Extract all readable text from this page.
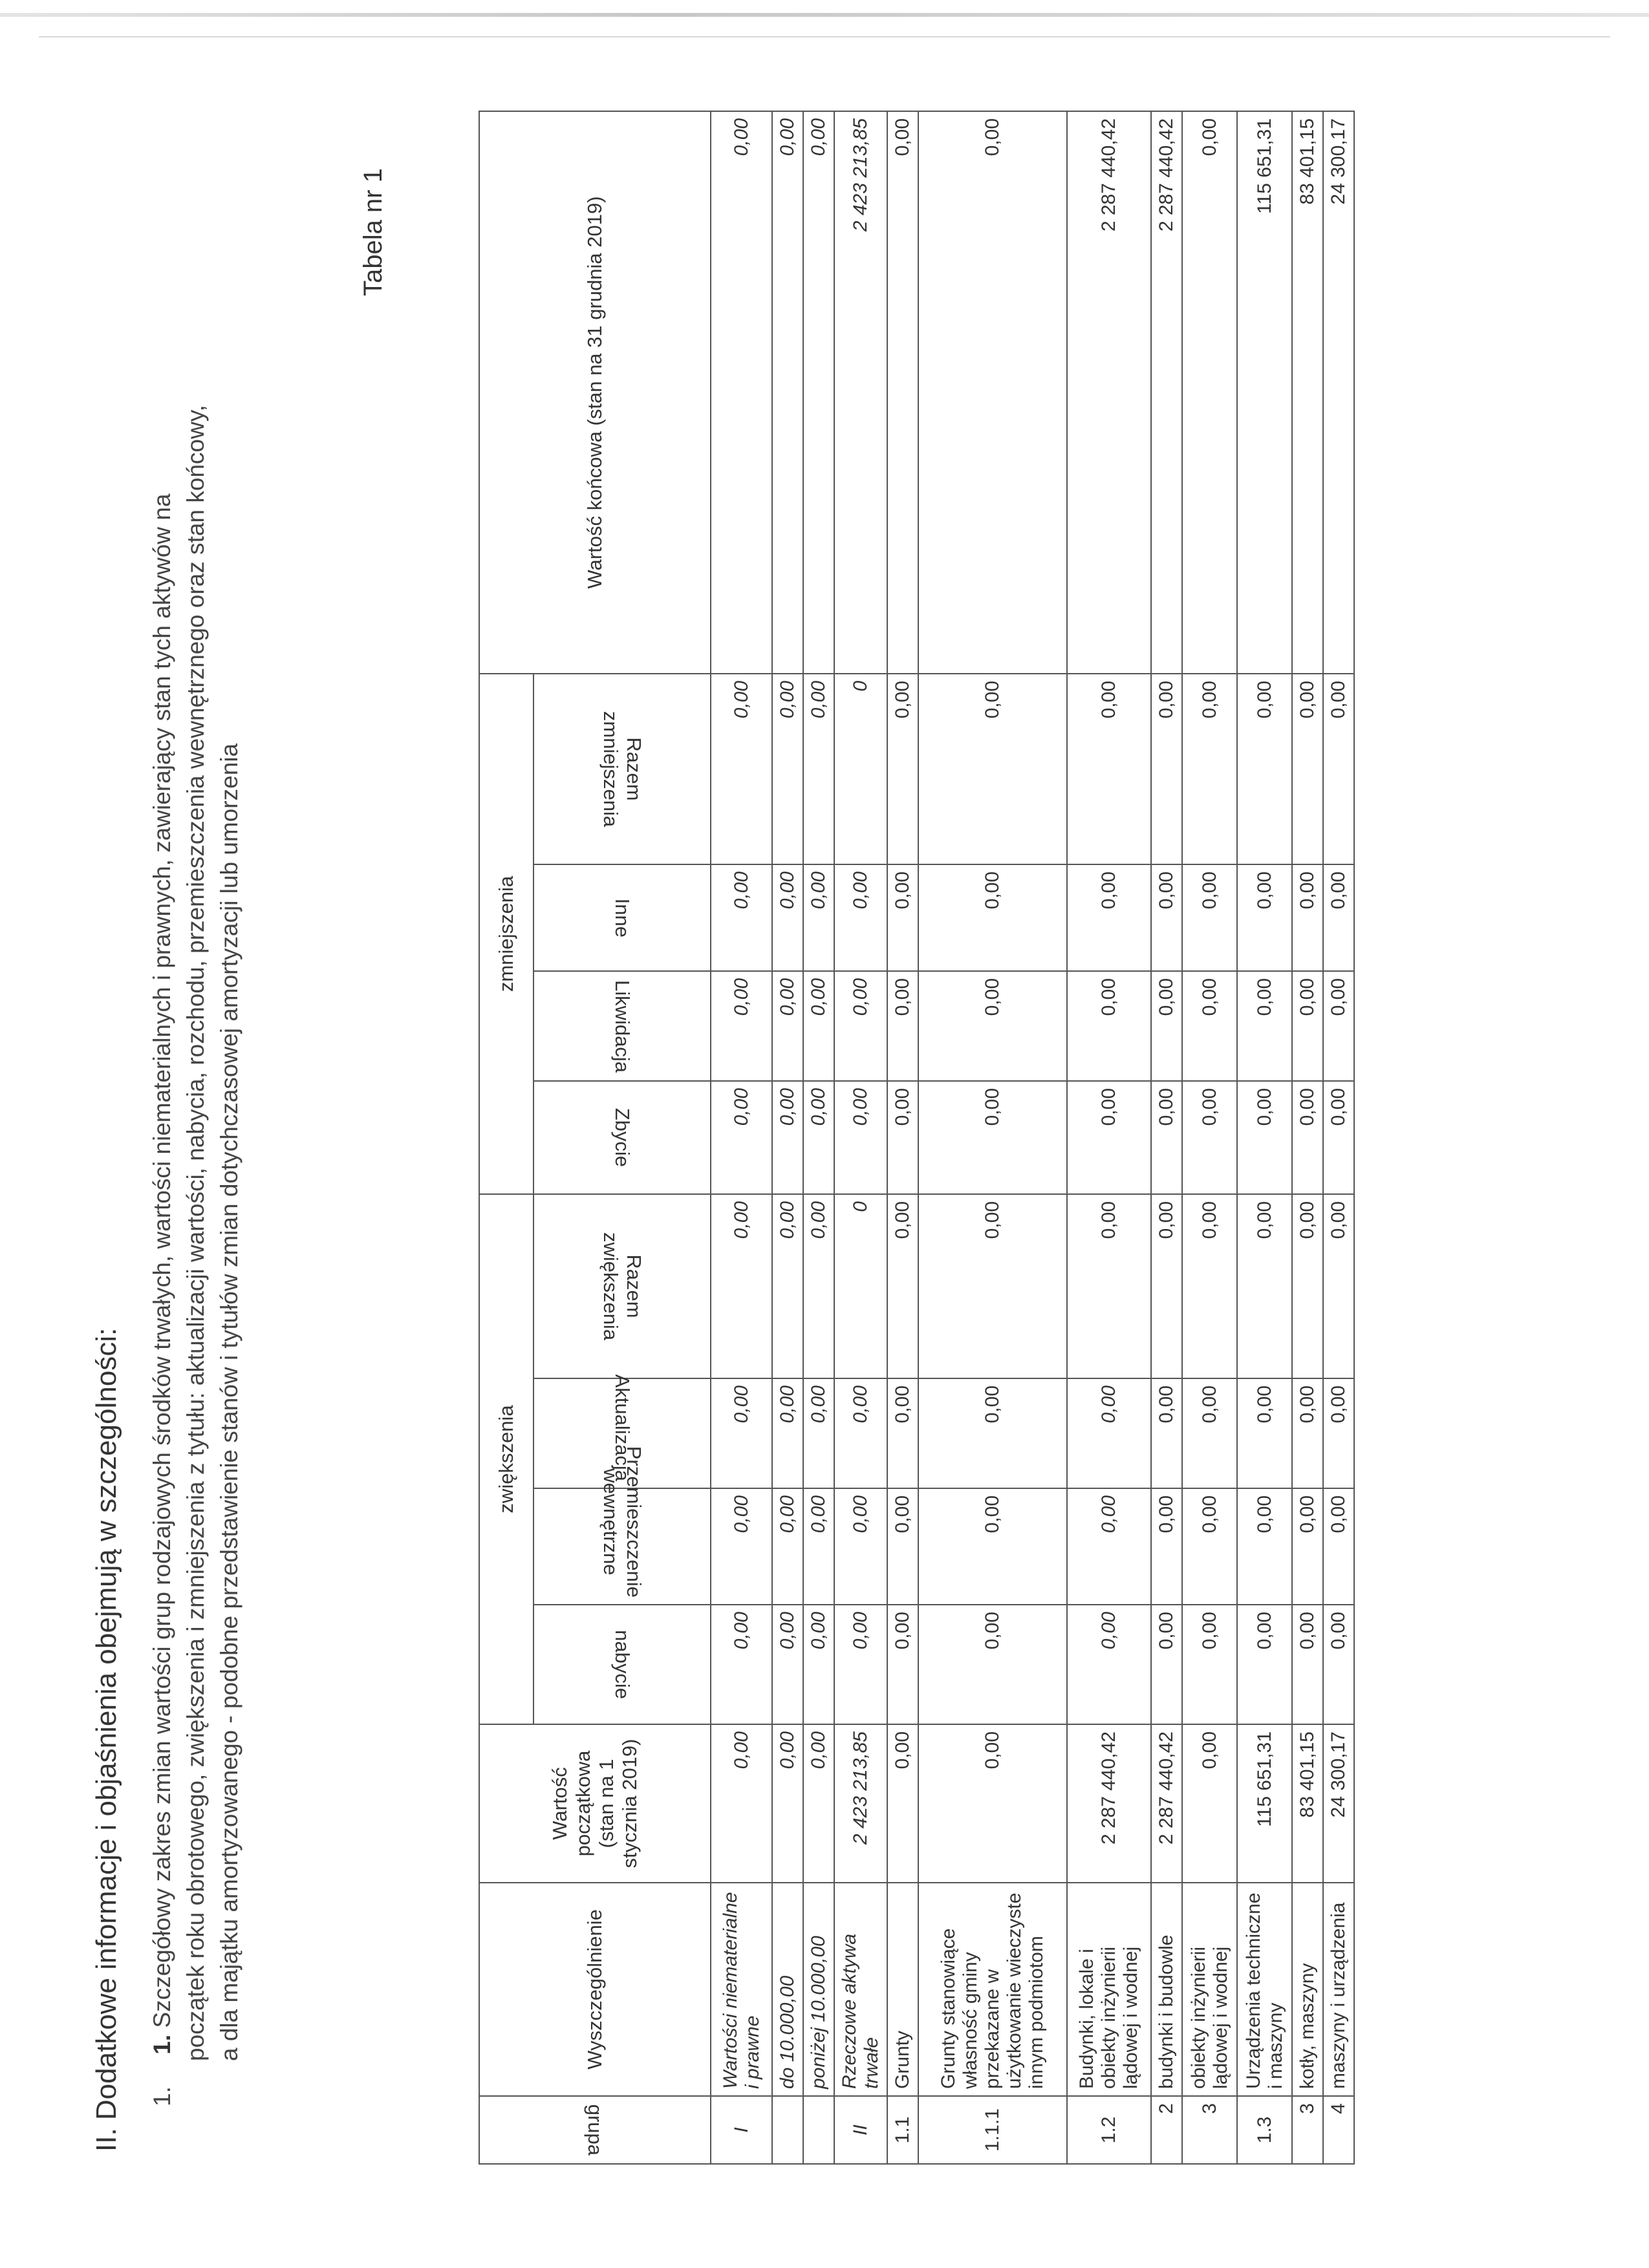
II. Dodatkowe informacje i objaśnienia obejmują w szczególności: 1. 1. Szczegółowy zakres zmian wartości grup rodzajowych środków trwałych, wartości niematerialnych i prawnych, zawierający stan tych aktywów na początek roku obrotowego, zwiększenia i zmniejszenia z tytułu: aktualizacji wartości, nabycia, rozchodu, przemieszczenia wewnętrznego oraz stan końcowy, a dla majątku amortyzowanego - podobne przedstawienie stanów i tytułów zmian dotychczasowej amortyzacji lub umorzenia
Tabela nr 1
grupa	Wyszczególnienie	Wartość początkowa (stan na 1 stycznia 2019)	zwiększenia				zmniejszenia				Wartość końcowa (stan na 31 grudnia 2019)
			nabycie	Przemieszczenie wewnętrzne	Aktualizacja	Razem zwiększenia	Zbycie	Likwidacja	Inne	Razem zmniejszenia	
I	Wartości niematerialne i prawne	0,00	0,00	0,00	0,00	0,00	0,00	0,00	0,00	0,00	0,00
	do 10.000,00	0,00	0,00	0,00	0,00	0,00	0,00	0,00	0,00	0,00	0,00
	poniżej 10.000,00	0,00	0,00	0,00	0,00	0,00	0,00	0,00	0,00	0,00	0,00
II	Rzeczowe aktywa trwałe	2 423 213,85	0,00	0,00	0,00	0	0,00	0,00	0,00	0	2 423 213,85
1.1	Grunty	0,00	0,00	0,00	0,00	0,00	0,00	0,00	0,00	0,00	0,00
1.1.1	Grunty stanowiące własność gminy przekazane w użytkowanie wieczyste innym podmiotom	0,00	0,00	0,00	0,00	0,00	0,00	0,00	0,00	0,00	0,00
1.2	Budynki, lokale i obiekty inżynierii lądowej i wodnej	2 287 440,42	0,00	0,00	0,00	0,00	0,00	0,00	0,00	0,00	2 287 440,42
2	budynki i budowle	2 287 440,42	0,00	0,00	0,00	0,00	0,00	0,00	0,00	0,00	2 287 440,42
3	obiekty inżynierii lądowej i wodnej	0,00	0,00	0,00	0,00	0,00	0,00	0,00	0,00	0,00	0,00
1.3	Urządzenia techniczne i maszyny	115 651,31	0,00	0,00	0,00	0,00	0,00	0,00	0,00	0,00	115 651,31
3	kotły, maszyny	83 401,15	0,00	0,00	0,00	0,00	0,00	0,00	0,00	0,00	83 401,15
4	maszyny i urządzenia	24 300,17	0,00	0,00	0,00	0,00	0,00	0,00	0,00	0,00	24 300,17
